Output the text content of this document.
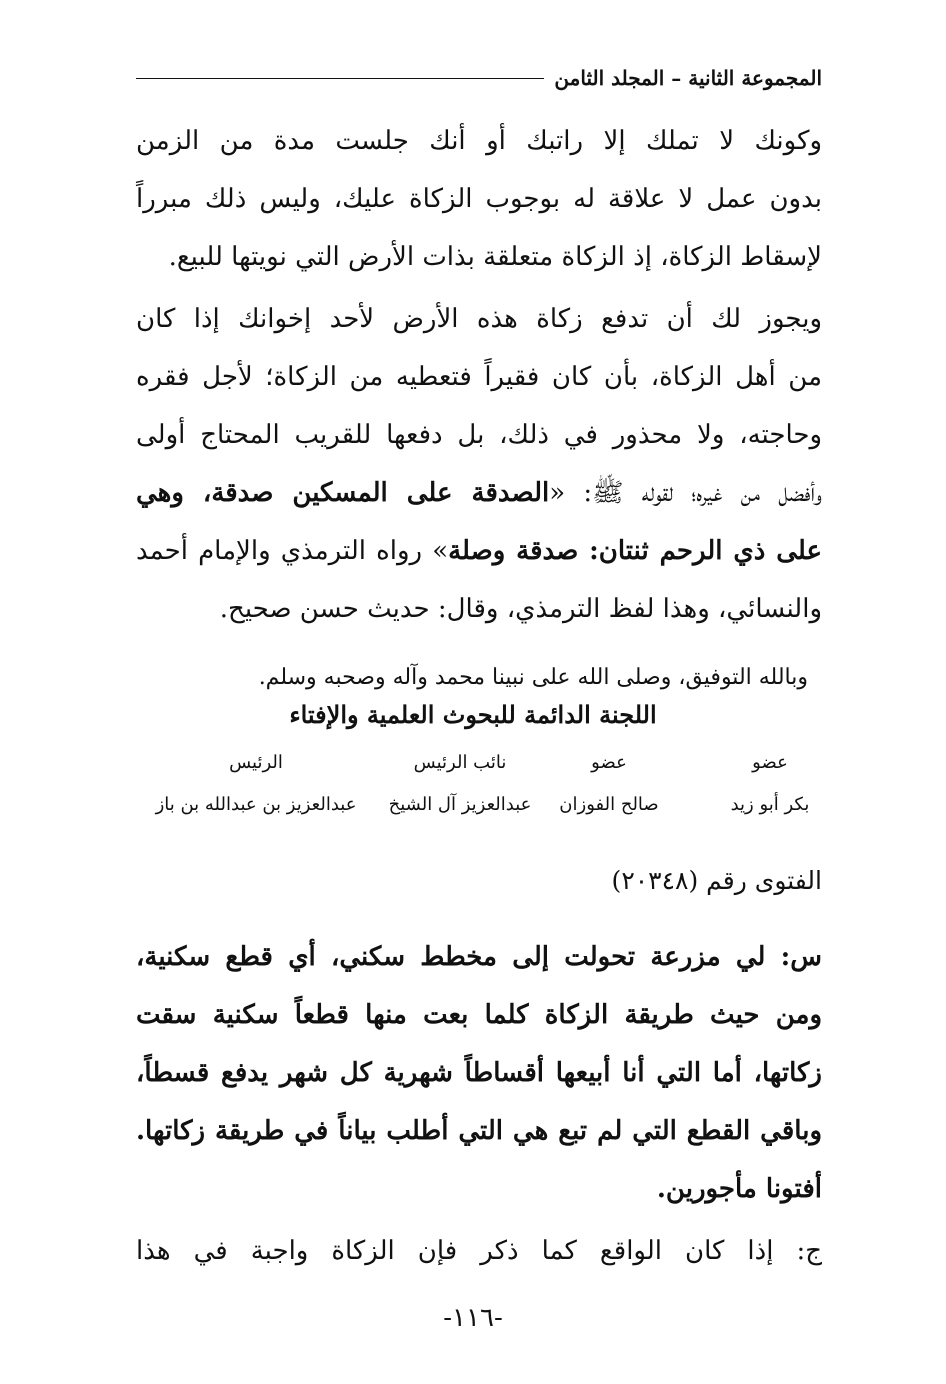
المجموعة الثانية – المجلد الثامن
وكونك لا تملك إلا راتبك أو أنك جلست مدة من الزمن
بدون عمل لا علاقة له بوجوب الزكاة عليك، وليس ذلك مبرراً
لإسقاط الزكاة، إذ الزكاة متعلقة بذات الأرض التي نويتها للبيع.
ويجوز لك أن تدفع زكاة هذه الأرض لأحد إخوانك إذا كان
من أهل الزكاة، بأن كان فقيراً فتعطيه من الزكاة؛ لأجل فقره
وحاجته، ولا محذور في ذلك، بل دفعها للقريب المحتاج أولى
وأفضل من غيره؛ لقوله ﷺ: «الصدقة على المسكين صدقة، وهي
على ذي الرحم ثنتان: صدقة وصلة» رواه الترمذي والإمام أحمد
والنسائي، وهذا لفظ الترمذي، وقال: حديث حسن صحيح.
وبالله التوفيق، وصلى الله على نبينا محمد وآله وصحبه وسلم.
اللجنة الدائمة للبحوث العلمية والإفتاء
عضو
عضو
نائب الرئيس
الرئيس
بكر أبو زيد
صالح الفوزان
عبدالعزيز آل الشيخ
عبدالعزيز بن عبدالله بن باز
الفتوى رقم (٢٠٣٤٨)
س: لي مزرعة تحولت إلى مخطط سكني، أي قطع سكنية،
ومن حيث طريقة الزكاة كلما بعت منها قطعاً سكنية سقت
زكاتها، أما التي أنا أبيعها أقساطاً شهرية كل شهر يدفع قسطاً،
وباقي القطع التي لم تبع هي التي أطلب بياناً في طريقة زكاتها.
أفتونا مأجورين.
ج: إذا كان الواقع كما ذكر فإن الزكاة واجبة في هذا
-١١٦-
